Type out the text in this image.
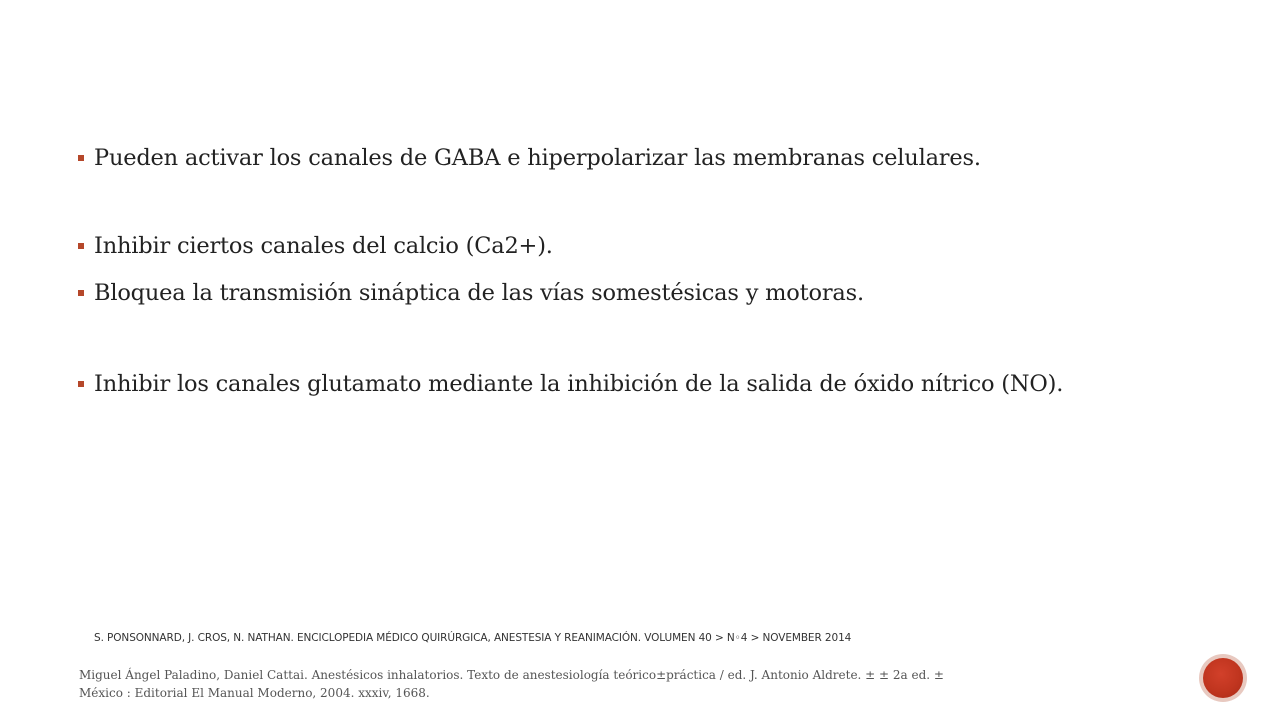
Pueden activar los canales de GABA e hiperpolarizar las membranas celulares.
Inhibir ciertos canales del calcio (Ca2+).
Bloquea la transmisión sináptica de las vías somestésicas y motoras.
Inhibir los canales glutamato mediante la inhibición de la salida de óxido nítrico (NO).
S. PONSONNARD, J. CROS, N. NATHAN. ENCICLOPEDIA MÉDICO QUIRÚRGICA, ANESTESIA Y REANIMACIÓN. VOLUMEN 40 > N◦4 > NOVEMBER 2014
Miguel Ángel Paladino, Daniel Cattai. Anestésicos inhalatorios. Texto de anestesiología teórico±práctica / ed. J. Antonio Aldrete. ± ± 2a ed. ±
México : Editorial El Manual Moderno, 2004. xxxiv, 1668.
